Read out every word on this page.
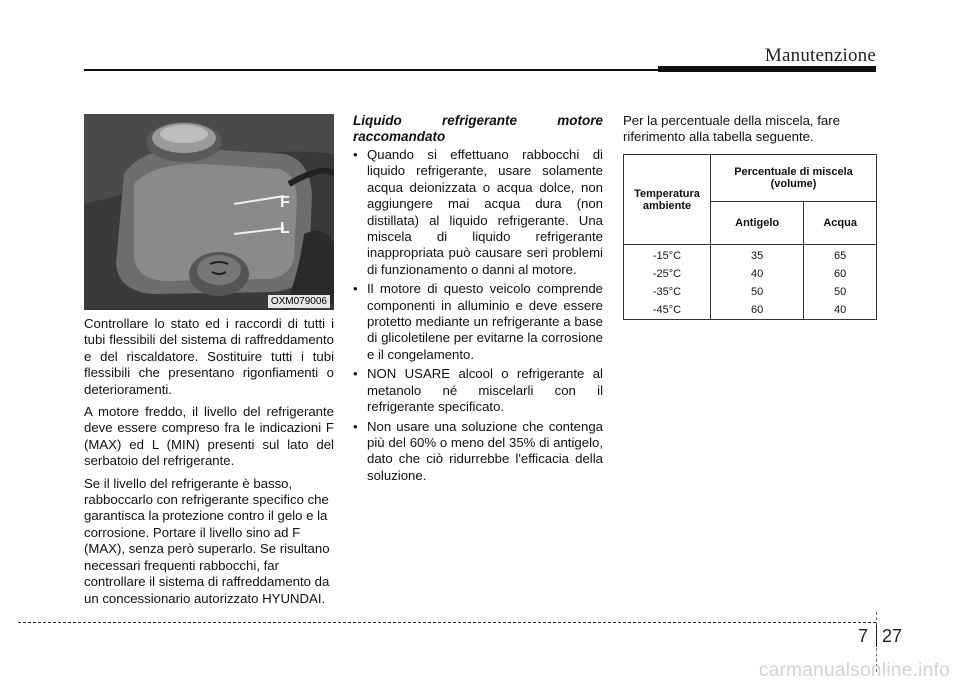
Manutenzione
F
L
OXM079006

Controllare lo stato ed i raccordi di tutti i tubi flessibili del sistema di raffreddamento e del riscaldatore. Sostituire tutti i tubi flessibili che presentano rigonfiamenti o deterioramenti.

A motore freddo, il livello del refrigerante deve essere compreso fra le indicazioni F (MAX) ed L (MIN) presenti sul lato del serbatoio del refrigerante.

Se il livello del refrigerante è basso, rabboccarlo con refrigerante specifico che garantisca la protezione contro il gelo e la corrosione. Portare il livello sino ad F (MAX), senza però superarlo. Se risultano necessari frequenti rabbocchi, far controllare il sistema di raffreddamento da un concessionario autorizzato HYUNDAI.

Liquido refrigerante motore raccomandato
• Quando si effettuano rabbocchi di liquido refrigerante, usare solamente acqua deionizzata o acqua dolce, non aggiungere mai acqua dura (non distillata) al liquido refrigerante. Una miscela di liquido refrigerante inappropriata può causare seri problemi di funzionamento o danni al motore.
• Il motore di questo veicolo comprende componenti in alluminio e deve essere protetto mediante un refrigerante a base di glicoletilene per evitarne la corrosione e il congelamento.
• NON USARE alcool o refrigerante al metanolo né miscelarli con il refrigerante specificato.
• Non usare una soluzione che contenga più del 60% o meno del 35% di antigelo, dato che ciò ridurrebbe l'efficacia della soluzione.

Per la percentuale della miscela, fare riferimento alla tabella seguente.

Temperatura ambiente	Percentuale di miscela (volume)	
	Antigelo	Acqua
-15°C	35	65
-25°C	40	60
-35°C	50	50
-45°C	60	40
7 27
carmanualsonline.info
